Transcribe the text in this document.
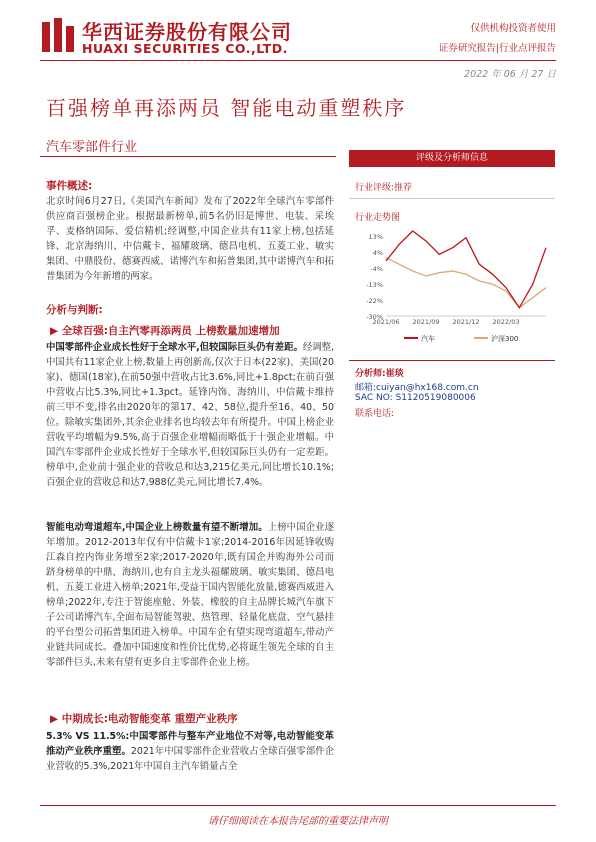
华西证券股份有限公司
HUAXI SECURITIES CO.,LTD.
仅供机构投资者使用
证券研究报告|行业点评报告
2022 年 06 月 27 日
百强榜单再添两员 智能电动重塑秩序
汽车零部件行业
事件概述:

北京时间6月27日,《美国汽车新闻》发布了2022年全球汽车零部件供应商百强榜企业。根据最新榜单,前5名仍旧是博世、电装、采埃孚、麦格纳国际、爱信精机;经调整,中国企业共有11家上榜,包括延锋、北京海纳川、中信戴卡、福耀玻璃、德昌电机、五菱工业、敏实集团、中鼎股份、德赛西威、诺博汽车和拓普集团,其中诺博汽车和拓普集团为今年新增的两家。

分析与判断:
▶ 全球百强:自主汽零再添两员 上榜数量加速增加

中国零部件企业成长性好于全球水平,但较国际巨头仍有差距。经调整,中国共有11家企业上榜,数量上再创新高,仅次于日本(22家)、美国(20家)、德国(18家),在前50强中营收占比3.6%,同比+1.8pct;在前百强中营收占比5.3%,同比+1.3pct。延锋内饰、海纳川、中信戴卡维持前三甲不变,排名由2020年的第17、42、58位,提升至16、40、50位。除敏实集团外,其余企业排名也均较去年有所提升。中国上榜企业营收平均增幅为9.5%,高于百强企业增幅而略低于十强企业增幅。中国汽车零部件企业成长性好于全球水平,但较国际巨头仍有一定差距。榜单中,企业前十强企业的营收总和达3,215亿美元,同比增长10.1%;百强企业的营收总和达7,988亿美元,同比增长7.4%。

智能电动弯道超车,中国企业上榜数量有望不断增加。上榜中国企业逐年增加。2012-2013年仅有中信戴卡1家;2014-2016年因延锋收购江森自控内饰业务增至2家;2017-2020年,既有国企并购海外公司而跻身榜单的中鼎、海纳川,也有自主龙头福耀玻璃、敏实集团、德昌电机、五菱工业进入榜单;2021年,受益于国内智能化放量,德赛西威进入榜单;2022年,专注于智能座舱、外装、橡胶的自主品牌长城汽车旗下子公司诺博汽车,全面布局智能驾驶、热管理、轻量化底盘、空气悬挂的平台型公司拓普集团进入榜单。中国车企有望实现弯道超车,带动产业链共同成长。叠加中国速度和性价比优势,必将诞生领先全球的自主零部件巨头,未来有望有更多自主零部件企业上榜。

▶ 中期成长:电动智能变革 重塑产业秩序

5.3% VS 11.5%:中国零部件与整车产业地位不对等,电动智能变革推动产业秩序重塑。2021年中国零部件企业营收占全球百强零部件企业营收的5.3%,2021年中国自主汽车销量占全

评级及分析师信息
行业评级:推荐
行业走势图
13%
4%
-4%
-13%
-22%
-30%
2021/06 2021/09 2021/12 2022/03
汽车	沪深300
分析师:崔琰
邮箱:cuiyan@hx168.com.cn
SAC NO: S1120519080006
联系电话:
请仔细阅读在本报告尾部的重要法律声明
